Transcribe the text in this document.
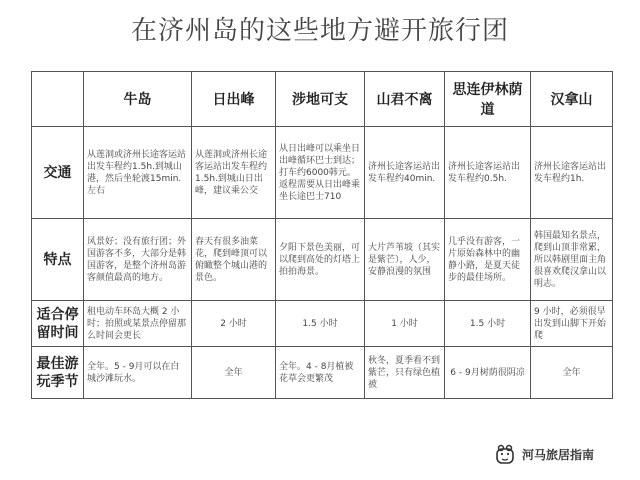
在济州岛的这些地方避开旅行团
	牛岛	日出峰	涉地可支	山君不离	思连伊林荫道	汉拿山
交通	从莲洞或济州长途客运站出发车程约1.5h.到城山港，然后坐轮渡15min.左右	从莲洞或济州长途客运站出发车程约1.5h.到城山日出峰，建议乘公交	从日出峰可以乘坐日出峰循环巴士到达；打车约6000韩元。返程需要从日出峰乘坐长途巴士710	济州长途客运站出发车程约40min.	济州长途客运站出发车程约0.5h.	济州长途客运站出发车程约1h.
特点	风景好；没有旅行团；外国游客不多，大部分是韩国游客，是整个济州岛游客颜值最高的地方。	春天有很多油菜花，爬到峰顶可以俯瞰整个城山港的景色。	夕阳下景色美丽，可以爬到高处的灯塔上拍拍海景。	大片芦苇坡（其实是紫芒），人少，安静浪漫的氛围	几乎没有游客，一片原始森林中的幽静小路，是夏天徒步的最佳场所。	韩国最知名景点，爬到山顶非常累，所以韩剧里面主角很喜欢爬汉拿山以明志。
适合停留时间	租电动车环岛大概 2 小时；拍照或某景点停留那么时间会更长	2 小时	1.5 小时	1 小时	1.5 小时	9 小时，必须很早出发到山脚下开始爬
最佳游玩季节	全年。5 - 9月可以在白城沙滩玩水。	全年	全年。4 - 8月植被花草会更繁茂	秋冬，夏季看不到紫芒，只有绿色植被	6 - 9月树荫很阴凉	全年
河马旅居指南
